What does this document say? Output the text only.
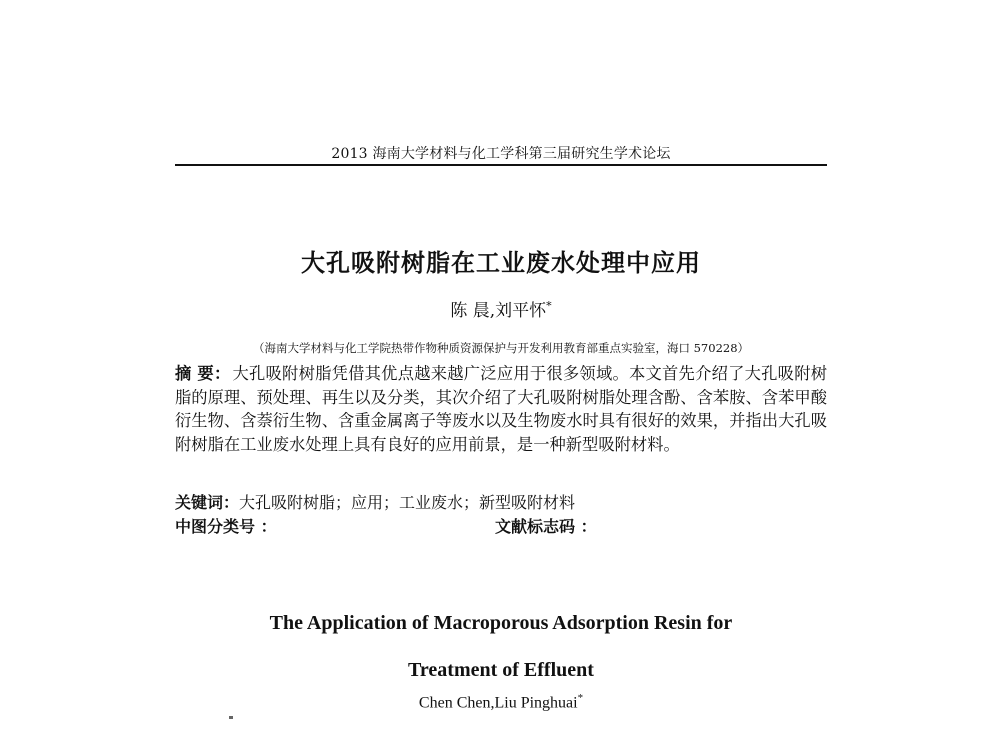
2013 海南大学材料与化工学科第三届研究生学术论坛
大孔吸附树脂在工业废水处理中应用
陈 晨,刘平怀*
（海南大学材料与化工学院热带作物种质资源保护与开发利用教育部重点实验室，海口 570228）
摘 要： 大孔吸附树脂凭借其优点越来越广泛应用于很多领域。本文首先介绍了大孔吸附树脂的原理、预处理、再生以及分类，其次介绍了大孔吸附树脂处理含酚、含苯胺、含苯甲酸衍生物、含萘衍生物、含重金属离子等废水以及生物废水时具有很好的效果，并指出大孔吸附树脂在工业废水处理上具有良好的应用前景，是一种新型吸附材料。
关键词：大孔吸附树脂；应用；工业废水；新型吸附材料
中图分类号 ：	文献标志码 ：
The Application of Macroporous Adsorption Resin for
Treatment of Effluent
Chen Chen,Liu Pinghuai*
